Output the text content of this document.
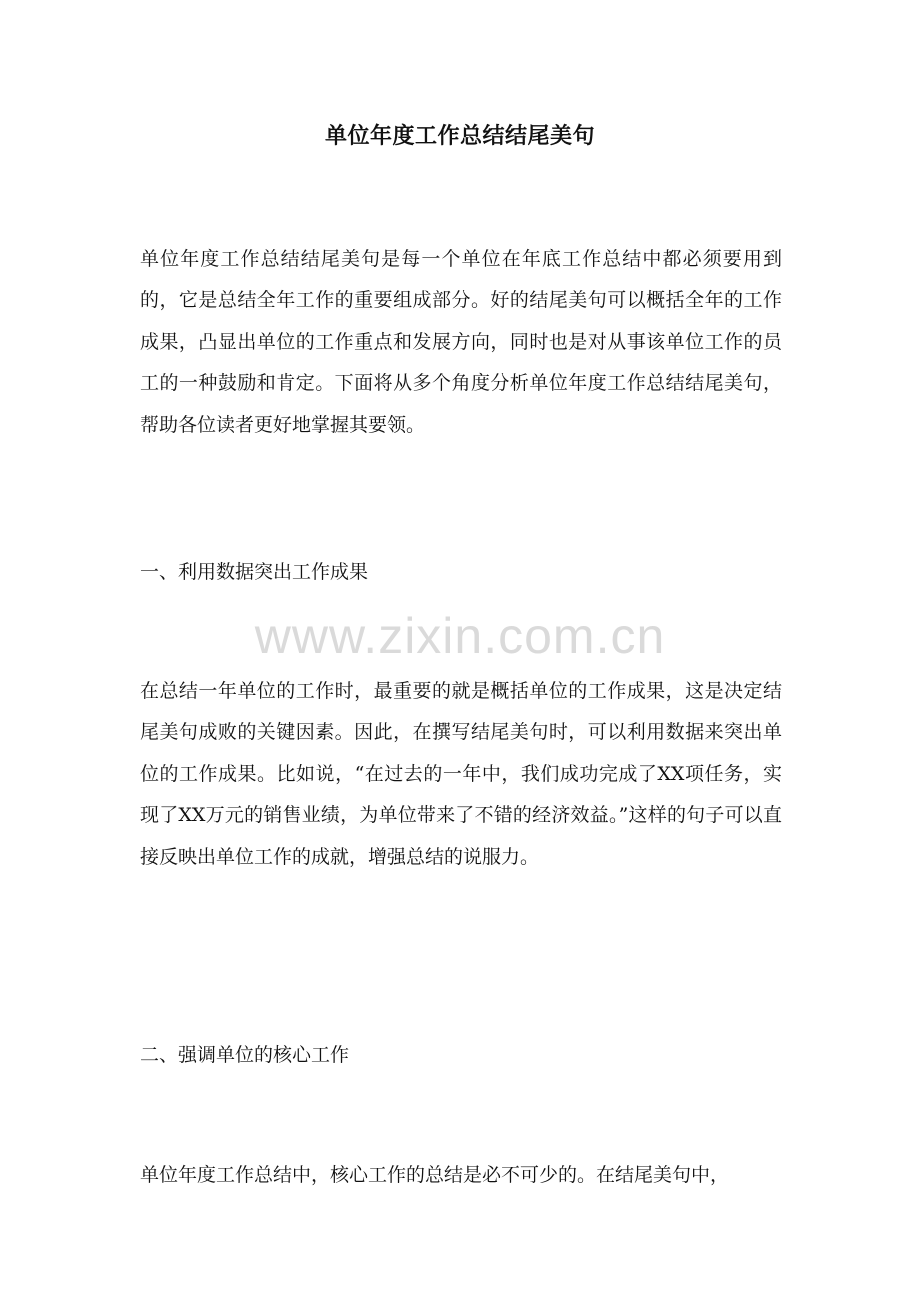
单位年度工作总结结尾美句

单位年度工作总结结尾美句是每一个单位在年底工作总结中都必须要用到的，它是总结全年工作的重要组成部分。好的结尾美句可以概括全年的工作成果，凸显出单位的工作重点和发展方向，同时也是对从事该单位工作的员工的一种鼓励和肯定。下面将从多个角度分析单位年度工作总结结尾美句，帮助各位读者更好地掌握其要领。

一、利用数据突出工作成果

www.zixin.com.cn

在总结一年单位的工作时，最重要的就是概括单位的工作成果，这是决定结尾美句成败的关键因素。因此，在撰写结尾美句时，可以利用数据来突出单位的工作成果。比如说，“在过去的一年中，我们成功完成了XX项任务，实现了XX万元的销售业绩，为单位带来了不错的经济效益。”这样的句子可以直接反映出单位工作的成就，增强总结的说服力。

二、强调单位的核心工作

单位年度工作总结中，核心工作的总结是必不可少的。在结尾美句中，
